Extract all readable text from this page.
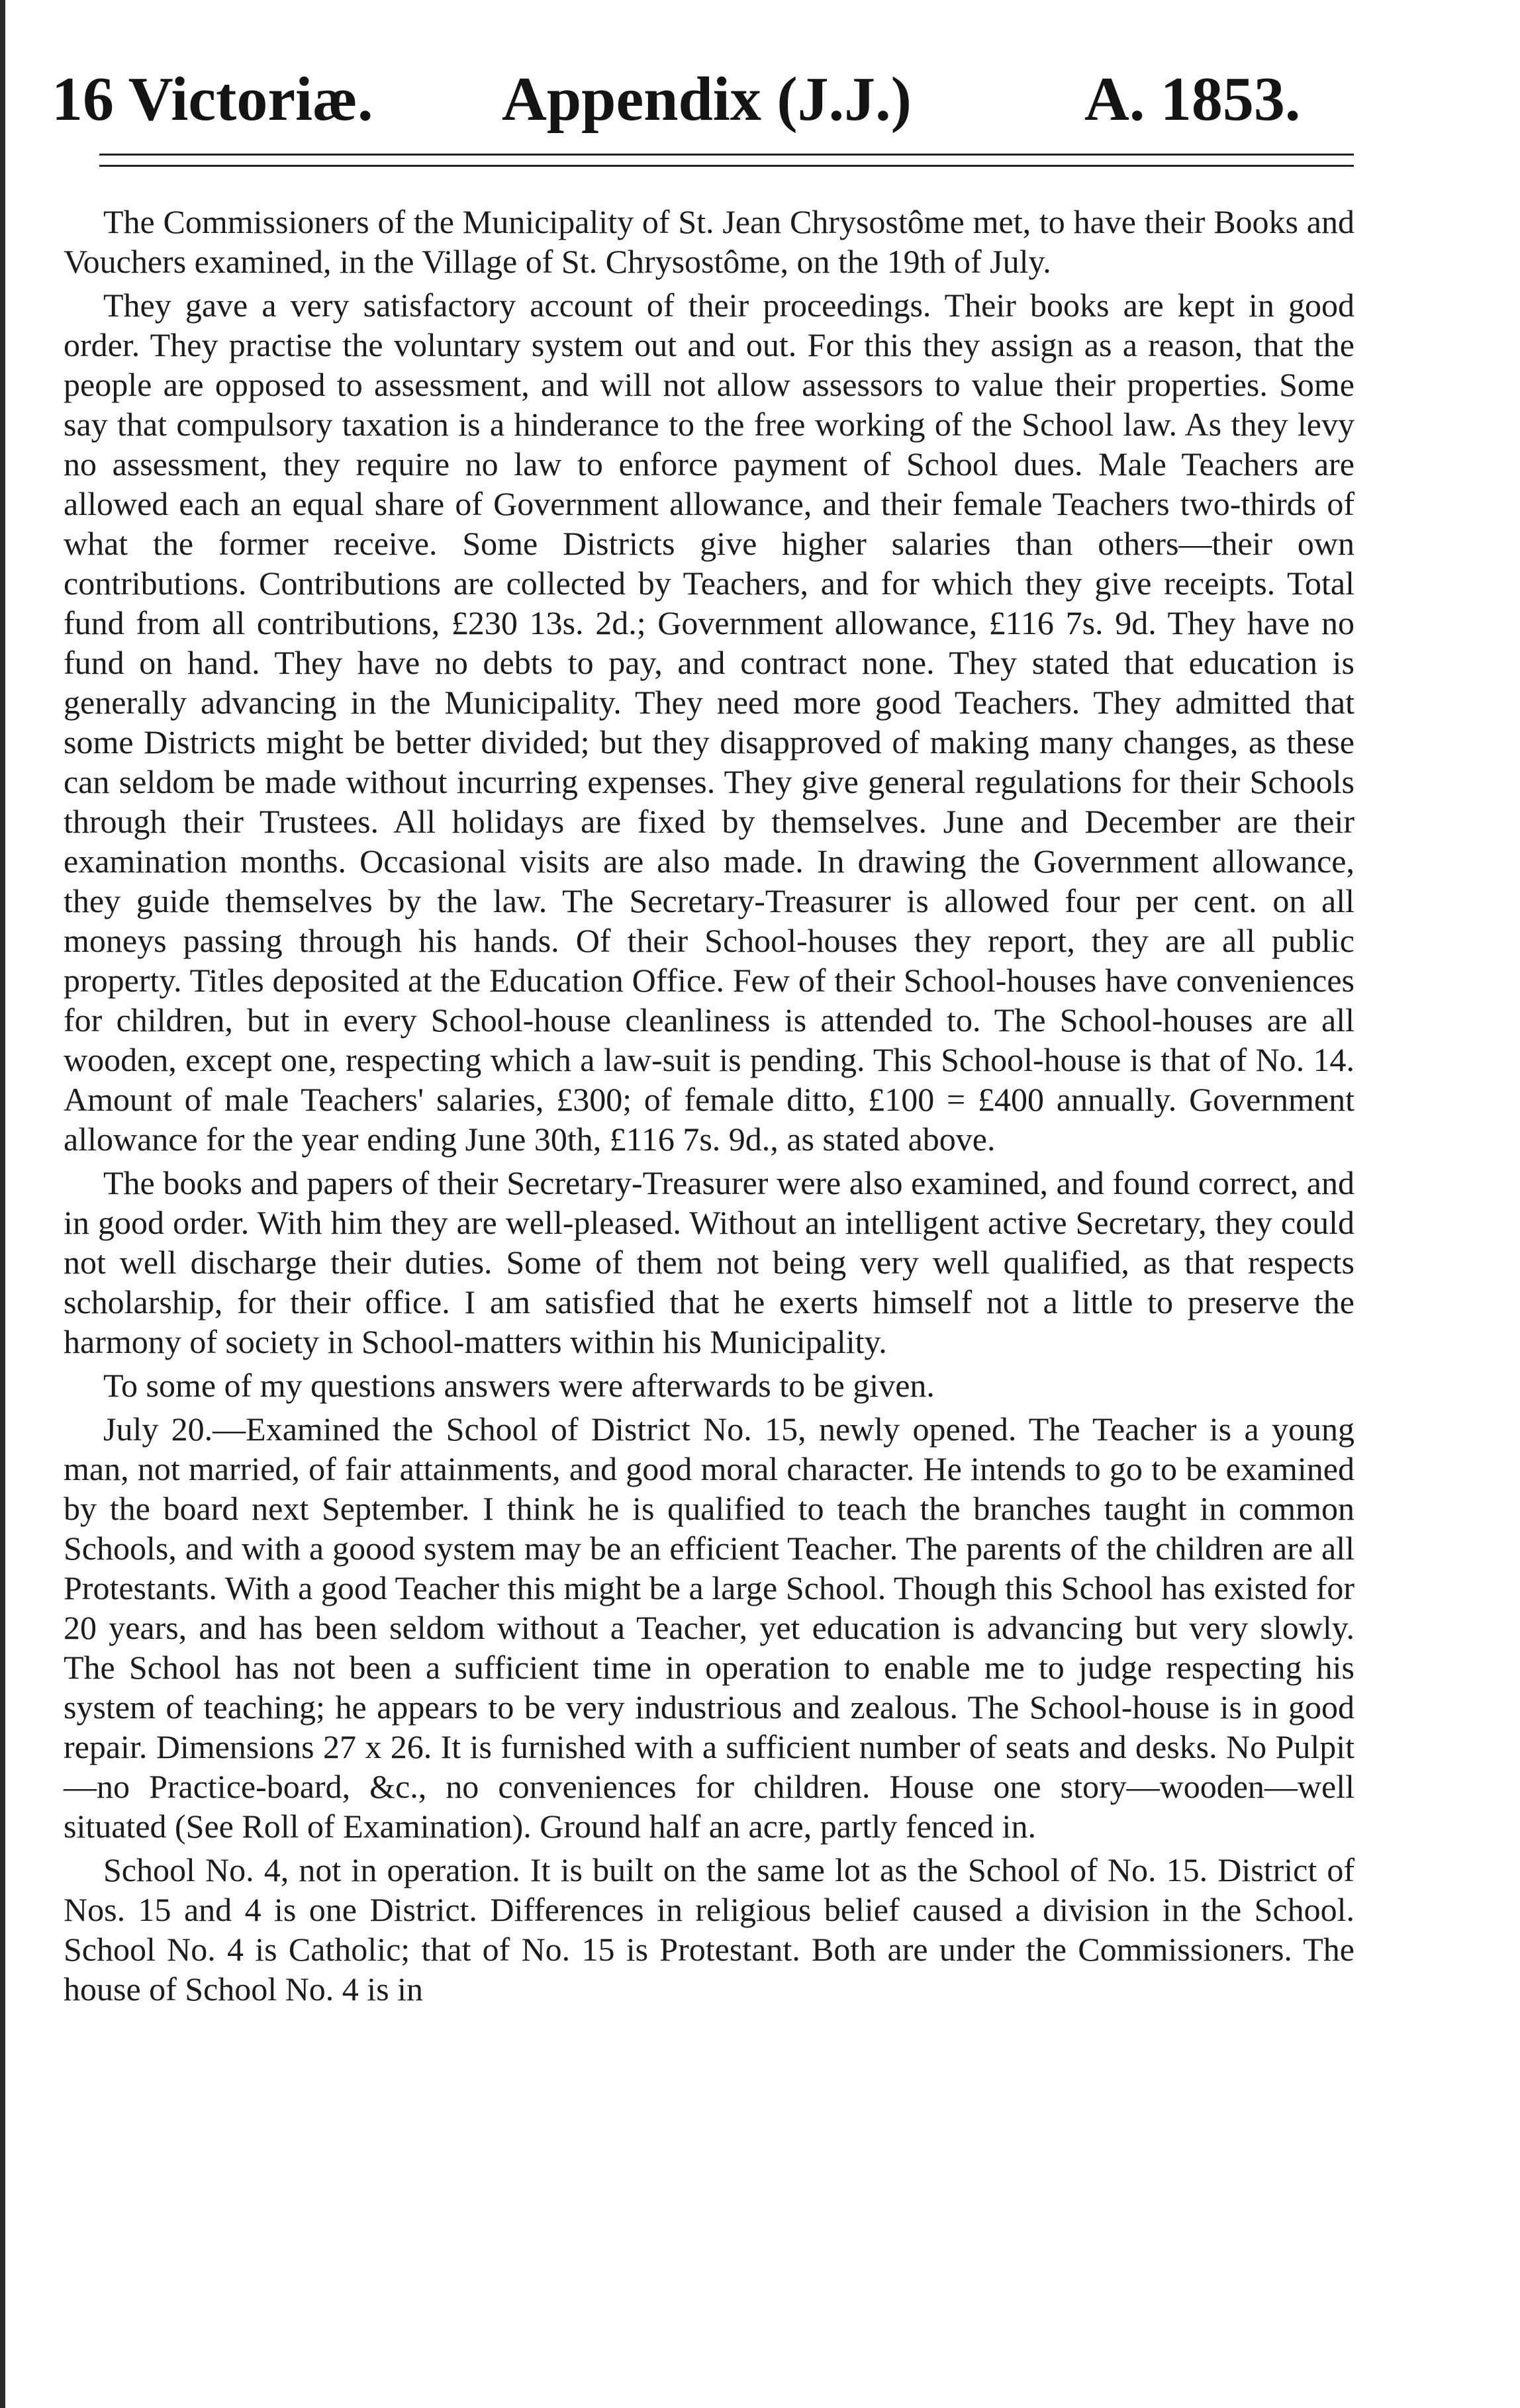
16 Victoriæ. Appendix (J.J.)	A. 1853.

The Commissioners of the Municipality of St. Jean Chrysostôme met, to have their Books and Vouchers examined, in the Village of St. Chrysostôme, on the 19th of July.

They gave a very satisfactory account of their proceedings. Their books are kept in good order. They practise the voluntary system out and out. For this they assign as a reason, that the people are opposed to assessment, and will not allow assessors to value their properties. Some say that compulsory taxation is a hinderance to the free working of the School law. As they levy no assessment, they require no law to enforce payment of School dues. Male Teachers are allowed each an equal share of Government allowance, and their female Teachers two-thirds of what the former receive. Some Districts give higher salaries than others—their own contributions. Contributions are collected by Teachers, and for which they give receipts. Total fund from all contributions, £230 13s. 2d.; Government allowance, £116 7s. 9d. They have no fund on hand. They have no debts to pay, and contract none. They stated that education is generally advancing in the Municipality. They need more good Teachers. They admitted that some Districts might be better divided; but they disapproved of making many changes, as these can seldom be made without incurring expenses. They give general regulations for their Schools through their Trustees. All holidays are fixed by themselves. June and December are their examination months. Occasional visits are also made. In drawing the Government allowance, they guide themselves by the law. The Secretary-Treasurer is allowed four per cent. on all moneys passing through his hands. Of their School-houses they report, they are all public property. Titles deposited at the Education Office. Few of their School-houses have conveniences for children, but in every School-house cleanliness is attended to. The School-houses are all wooden, except one, respecting which a law-suit is pending. This School-house is that of No. 14. Amount of male Teachers' salaries, £300; of female ditto, £100 = £400 annually. Government allowance for the year ending June 30th, £116 7s. 9d., as stated above.

The books and papers of their Secretary-Treasurer were also examined, and found correct, and in good order. With him they are well-pleased. Without an intelligent active Secretary, they could not well discharge their duties. Some of them not being very well qualified, as that respects scholarship, for their office. I am satisfied that he exerts himself not a little to preserve the harmony of society in School-matters within his Municipality.

To some of my questions answers were afterwards to be given.

July 20.—Examined the School of District No. 15, newly opened. The Teacher is a young man, not married, of fair attainments, and good moral character. He intends to go to be examined by the board next September. I think he is qualified to teach the branches taught in common Schools, and with a goood system may be an efficient Teacher. The parents of the children are all Protestants. With a good Teacher this might be a large School. Though this School has existed for 20 years, and has been seldom without a Teacher, yet education is advancing but very slowly. The School has not been a sufficient time in operation to enable me to judge respecting his system of teaching; he appears to be very industrious and zealous. The School-house is in good repair. Dimensions 27 x 26. It is furnished with a sufficient number of seats and desks. No Pulpit—no Practice-board, &c., no conveniences for children. House one story—wooden—well situated (See Roll of Examination). Ground half an acre, partly fenced in.

School No. 4, not in operation. It is built on the same lot as the School of No. 15. District of Nos. 15 and 4 is one District. Differences in religious belief caused a division in the School. School No. 4 is Catholic; that of No. 15 is Protestant. Both are under the Commissioners. The house of School No. 4 is in
